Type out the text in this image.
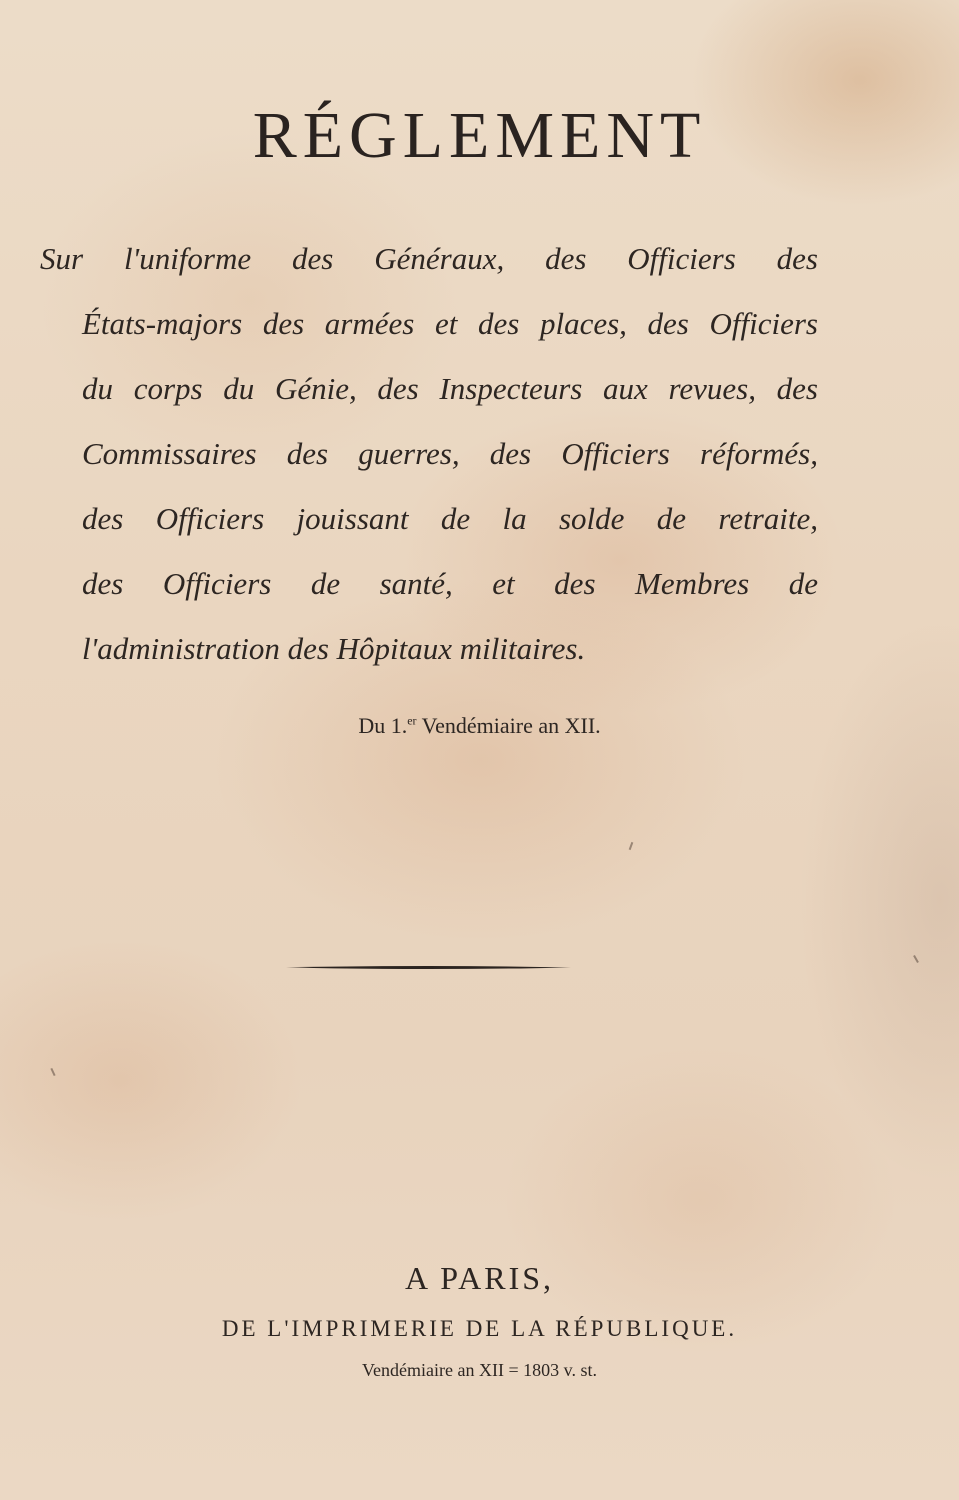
RÉGLEMENT
Sur l'uniforme des Généraux, des Officiers des
États-majors des armées et des places, des Officiers
du corps du Génie, des Inspecteurs aux revues, des
Commissaires des guerres, des Officiers réformés,
des Officiers jouissant de la solde de retraite,
des Officiers de santé, et des Membres de
l'administration des Hôpitaux militaires.
Du 1.$^{er}$ Vendémiaire an XII.
A PARIS,
DE L'IMPRIMERIE DE LA RÉPUBLIQUE.
Vendémiaire an XII = 1803 v. st.
